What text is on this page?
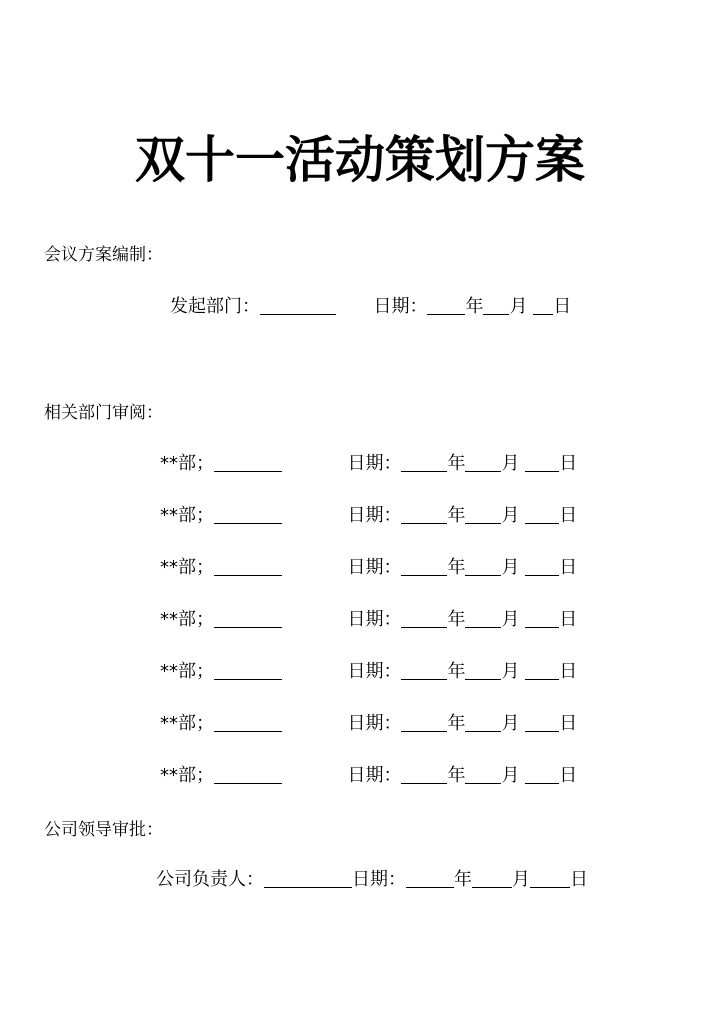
双十一活动策划方案
会议方案编制：
发起部门：	日期： 年 月 日
相关部门审阅：
**部；	日期：	年 月 日
**部；	日期：	年 月 日
**部；	日期：	年 月 日
**部；	日期：	年 月 日
**部；	日期：	年 月 日
**部；	日期：	年 月 日
**部；	日期：	年 月 日
公司领导审批：
公司负责人：	日期：	年 月 日
